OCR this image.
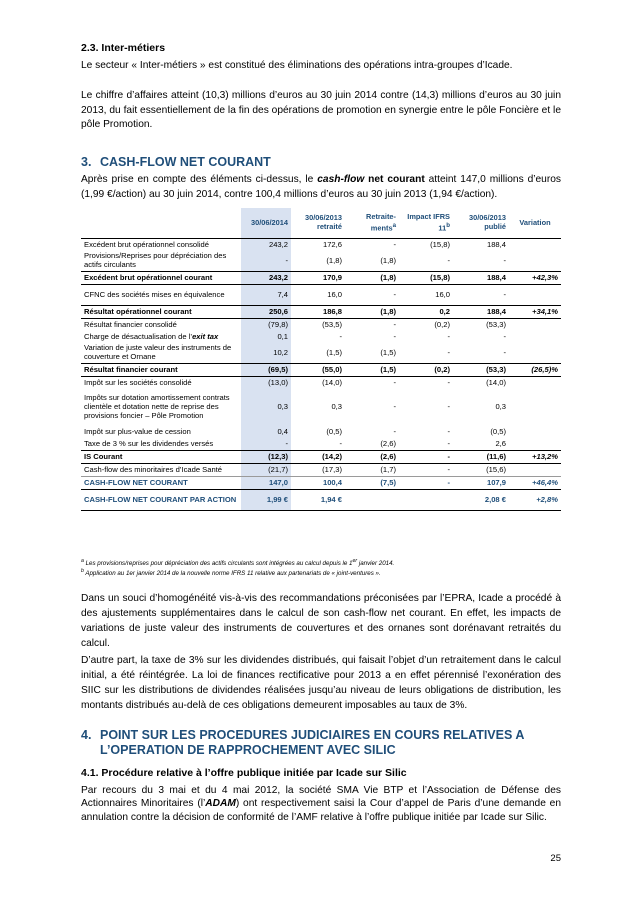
2.3. Inter-métiers
Le secteur « Inter-métiers » est constitué des éliminations des opérations intra-groupes d’Icade.
Le chiffre d’affaires atteint (10,3) millions d’euros au 30 juin 2014 contre (14,3) millions d’euros au 30 juin 2013, du fait essentiellement de la fin des opérations de promotion en synergie entre le pôle Foncière et le pôle Promotion.
3. CASH-FLOW NET COURANT
Après prise en compte des éléments ci-dessus, le cash-flow net courant atteint 147,0 millions d’euros (1,99 €/action) au 30 juin 2014, contre 100,4 millions d’euros au 30 juin 2013 (1,94 €/action).
	30/06/2014	30/06/2013 retraité	Retraite-ments$^a$	Impact IFRS 11$^b$	30/06/2013 publié	Variation
Excédent brut opérationnel consolidé	243,2	172,6	-	(15,8)	188,4	
Provisions/Reprises pour dépréciation des actifs circulants	-	(1,8)	(1,8)	-	-	
Excédent brut opérationnel courant	243,2	170,9	(1,8)	(15,8)	188,4	+42,3%
CFNC des sociétés mises en équivalence	7,4	16,0	-	16,0	-	
Résultat opérationnel courant	250,6	186,8	(1,8)	0,2	188,4	+34,1%
Résultat financier consolidé	(79,8)	(53,5)	-	(0,2)	(53,3)	
Charge de désactualisation de l’exit tax	0,1	-	-	-	-	
Variation de juste valeur des instruments de couverture et Ornane	10,2	(1,5)	(1,5)	-	-	
Résultat financier courant	(69,5)	(55,0)	(1,5)	(0,2)	(53,3)	(26,5)%
Impôt sur les sociétés consolidé	(13,0)	(14,0)	-	-	(14,0)	
Impôts sur dotation amortissement contrats clientèle et dotation nette de reprise des provisions foncier – Pôle Promotion	0,3	0,3	-	-	0,3	
Impôt sur plus-value de cession	0,4	(0,5)	-	-	(0,5)	
Taxe de 3 % sur les dividendes versés	-	-	(2,6)	-	2,6	
IS Courant	(12,3)	(14,2)	(2,6)	-	(11,6)	+13,2%
Cash-flow des minoritaires d’Icade Santé	(21,7)	(17,3)	(1,7)	-	(15,6)	
CASH-FLOW NET COURANT	147,0	100,4	(7,5)	-	107,9	+46,4%
CASH-FLOW NET COURANT PAR ACTION	1,99 €	1,94 €			2,08 €	+2,8%
$^a$ Les provisions/reprises pour dépréciation des actifs circulants sont intégrées au calcul depuis le 1er janvier 2014.
$^b$ Application au 1er janvier 2014 de la nouvelle norme IFRS 11 relative aux partenariats de « joint-ventures ».
Dans un souci d’homogénéité vis-à-vis des recommandations préconisées par l’EPRA, Icade a procédé à des ajustements supplémentaires dans le calcul de son cash-flow net courant. En effet, les impacts de variations de juste valeur des instruments de couvertures et des ornanes sont dorénavant retraités du calcul.
D’autre part, la taxe de 3% sur les dividendes distribués, qui faisait l’objet d’un retraitement dans le calcul initial, a été réintégrée. La loi de finances rectificative pour 2013 a en effet pérennisé l’exonération des SIIC sur les distributions de dividendes réalisées jusqu’au niveau de leurs obligations de distribution, les montants distribués au-delà de ces obligations demeurent imposables au taux de 3%.
4. POINT SUR LES PROCEDURES JUDICIAIRES EN COURS RELATIVES A
L’OPERATION DE RAPPROCHEMENT AVEC SILIC
4.1. Procédure relative à l’offre publique initiée par Icade sur Silic
Par recours du 3 mai et du 4 mai 2012, la société SMA Vie BTP et l’Association de Défense des Actionnaires Minoritaires (l’ADAM) ont respectivement saisi la Cour d’appel de Paris d’une demande en annulation contre la décision de conformité de l’AMF relative à l’offre publique initiée par Icade sur Silic.
25
